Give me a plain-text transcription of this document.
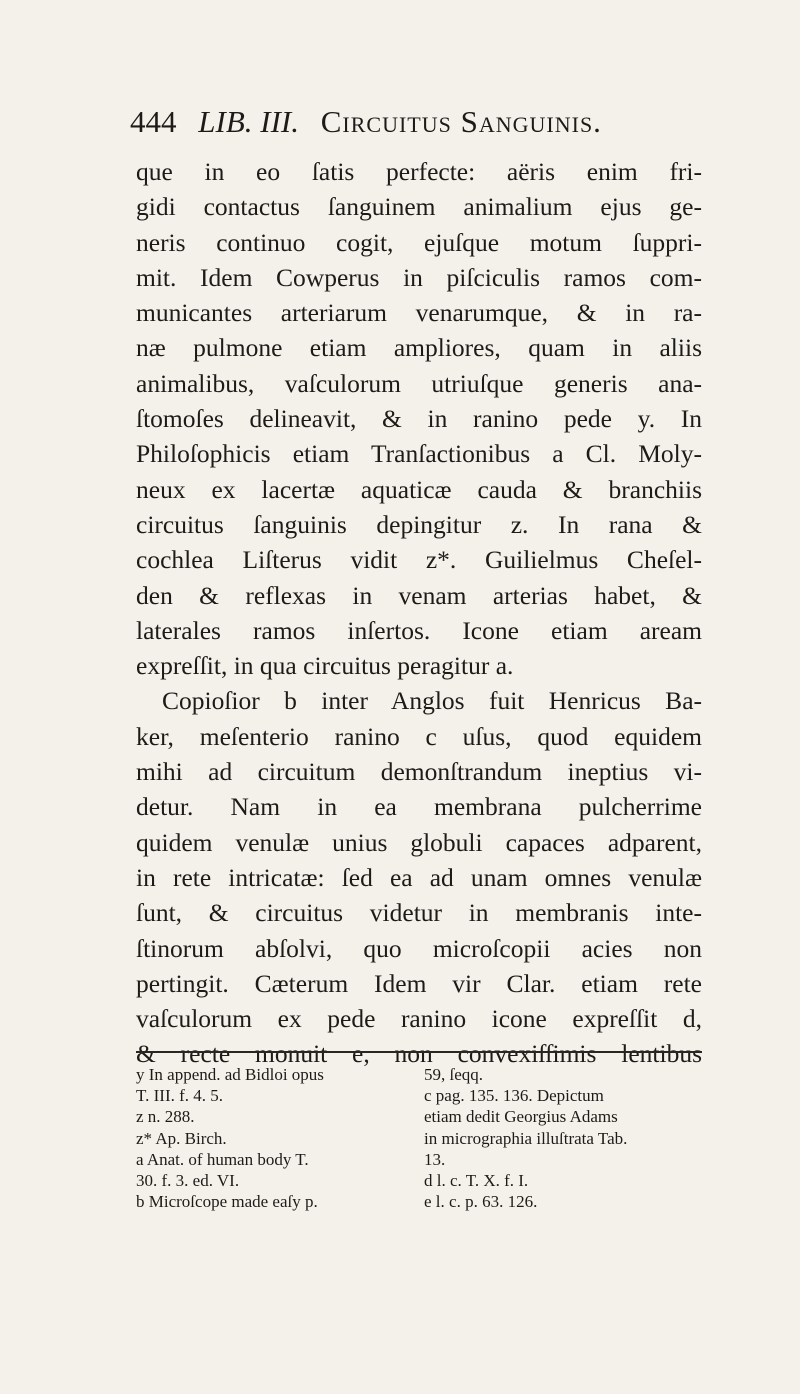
444 LIB. III. Circuitus Sanguinis.
que in eo ſatis perfecte: aëris enim fri-
gidi contactus ſanguinem animalium ejus ge-
neris continuo cogit, ejuſque motum ſuppri-
mit. Idem Cowperus in piſciculis ramos com-
municantes arteriarum venarumque, & in ra-
næ pulmone etiam ampliores, quam in aliis
animalibus, vaſculorum utriuſque generis ana-
ſtomoſes delineavit, & in ranino pede y. In
Philoſophicis etiam Tranſactionibus a Cl. Moly-
neux ex lacertæ aquaticæ cauda & branchiis
circuitus ſanguinis depingitur z. In rana &
cochlea Liſterus vidit z*. Guilielmus Cheſel-
den & reflexas in venam arterias habet, &
laterales ramos inſertos. Icone etiam aream
expreſſit, in qua circuitus peragitur a.
Copioſior b inter Anglos fuit Henricus Ba-
ker, meſenterio ranino c uſus, quod equidem
mihi ad circuitum demonſtrandum ineptius vi-
detur. Nam in ea membrana pulcherrime
quidem venulæ unius globuli capaces adparent,
in rete intricatæ: ſed ea ad unam omnes venulæ
ſunt, & circuitus videtur in membranis inte-
ſtinorum abſolvi, quo microſcopii acies non
pertingit. Cæterum Idem vir Clar. etiam rete
vaſculorum ex pede ranino icone expreſſit d,
& recte monuit e, non convexiſſimis lentibus
y In append. ad Bidloi opus
T. III. f. 4. 5.
z n. 288.
z* Ap. Birch.
a Anat. of human body T.
30. f. 3. ed. VI.
b Microſcope made eaſy p.
59, ſeqq.
c pag. 135. 136. Depictum
etiam dedit Georgius Adams
in micrographia illuſtrata Tab.
13.
d l. c. T. X. f. I.
e l. c. p. 63. 126.
